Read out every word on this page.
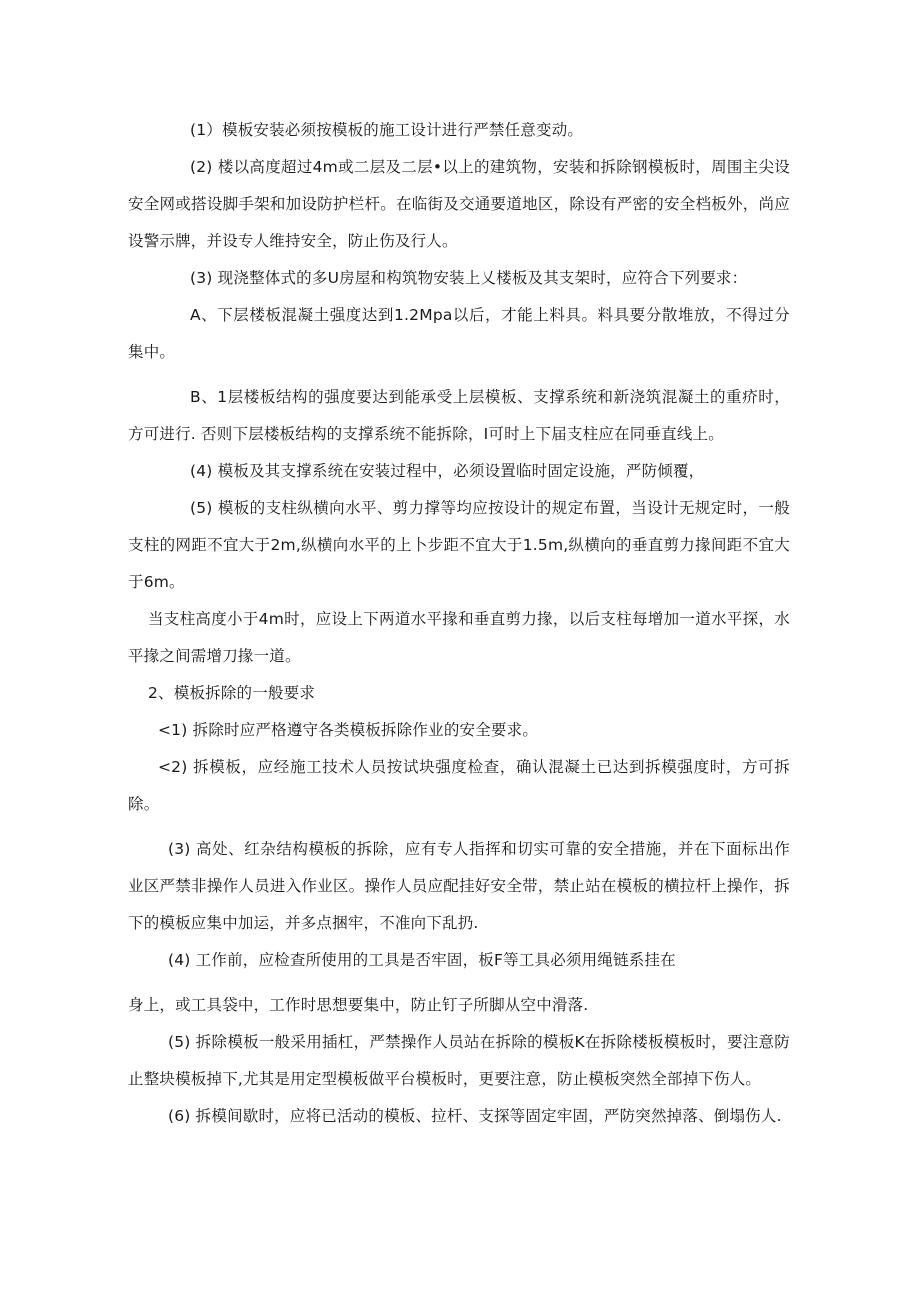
(1）模板安装必须按模板的施工设计进行严禁任意变动。

(2) 楼以高度超过4m或二层及二层•以上的建筑物，安装和拆除钢模板时，周围主尖设安全网或搭设脚手架和加设防护栏杆。在临街及交通要道地区，除设有严密的安全档板外，尚应设警示牌，并设专人维持安全，防止伤及行人。

(3) 现浇整体式的多U房屋和构筑物安装上乂楼板及其支架时，应符合下列要求：

A、下层楼板混凝土强度达到1.2Mpa以后，才能上料具。料具要分散堆放，不得过分集中。

B、1层楼板结构的强度要达到能承受上层模板、支撑系统和新浇筑混凝土的重疥时，方可进行. 否则下层楼板结构的支撑系统不能拆除，I可时上下届支柱应在同垂直线上。

(4) 模板及其支撑系统在安装过程中，必须设置临时固定设施，严防倾覆，

(5) 模板的支柱纵横向水平、剪力撑等均应按设计的规定布置，当设计无规定时，一般支柱的网距不宜大于2m,纵横向水平的上卜步距不宜大于1.5m,纵横向的垂直剪力掾间距不宜大于6m。

当支柱高度小于4m时，应设上下两道水平掾和垂直剪力掾，以后支柱每增加一道水平探，水平掾之间需增刀掾一道。

2、模板拆除的一般要求

<1) 拆除时应严格遵守各类模板拆除作业的安全要求。

<2) 拆模板，应经施工技术人员按试块强度检查，确认混凝土已达到拆模强度时，方可拆除。

(3) 高处、红杂结构模板的拆除，应有专人指挥和切实可靠的安全措施，并在下面标出作业区严禁非操作人员进入作业区。操作人员应配挂好安全带，禁止站在模板的横拉杆上操作，拆下的模板应集中加运，并多点捆牢，不准向下乱扔.

(4) 工作前，应检查所使用的工具是否牢固，板F等工具必须用绳链系挂在

身上，或工具袋中，工作时思想要集中，防止钉子所脚从空中滑落.

(5) 拆除模板一般采用插杠，严禁操作人员站在拆除的模板K在拆除楼板模板时，要注意防止整块模板掉下,尤其是用定型模板做平台模板时，更要注意，防止模板突然全部掉下伤人。

(6) 拆模间歇时，应将已活动的模板、拉杆、支探等固定牢固，严防突然掉落、倒塌伤人.
